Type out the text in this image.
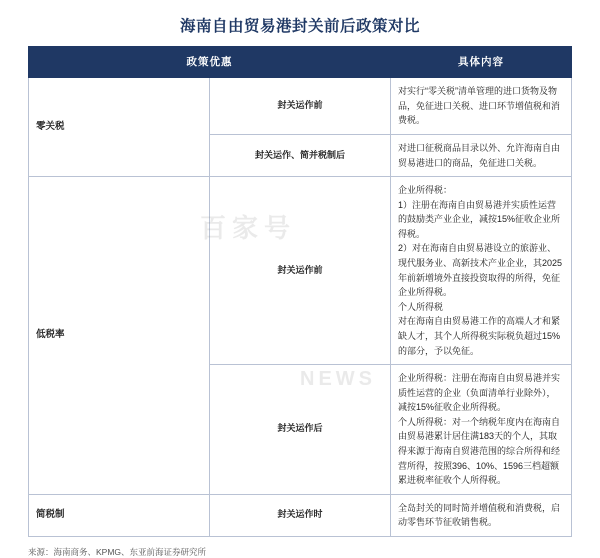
海南自由贸易港封关前后政策对比
政策优惠		具体内容
零关税	封关运作前	对实行“零关税”清单管理的进口货物及物品，免征进口关税、进口环节增值税和消费税。

	封关运作、简并税制后	对进口征税商品目录以外、允许海南自由贸易港进口的商品，免征进口关税。

低税率	封关运作前	企业所得税：

1）注册在海南自由贸易港并实质性运营的鼓励类产业企业，减按15%征收企业所得税。

2）对在海南自由贸易港设立的旅游业、现代服务业、高新技术产业企业，其2025年前新增境外直接投资取得的所得，免征企业所得税。

个人所得税

对在海南自由贸易港工作的高端人才和紧缺人才，其个人所得税实际税负超过15%的部分，予以免征。

	封关运作后	企业所得税：注册在海南自由贸易港并实质性运营的企业（负面清单行业除外），减按15%征收企业所得税。

个人所得税：对一个纳税年度内在海南自由贸易港累计居住满183天的个人，其取得来源于海南自贸港范围的综合所得和经营所得，按照396、10%、1596三档超额累进税率征收个人所得税。

简税制	封关运作时	全岛封关的同时简并增值税和消费税，启动零售环节征收销售税。

来源：海南商务、KPMG、东亚前海证券研究所
百家号
NEWS
